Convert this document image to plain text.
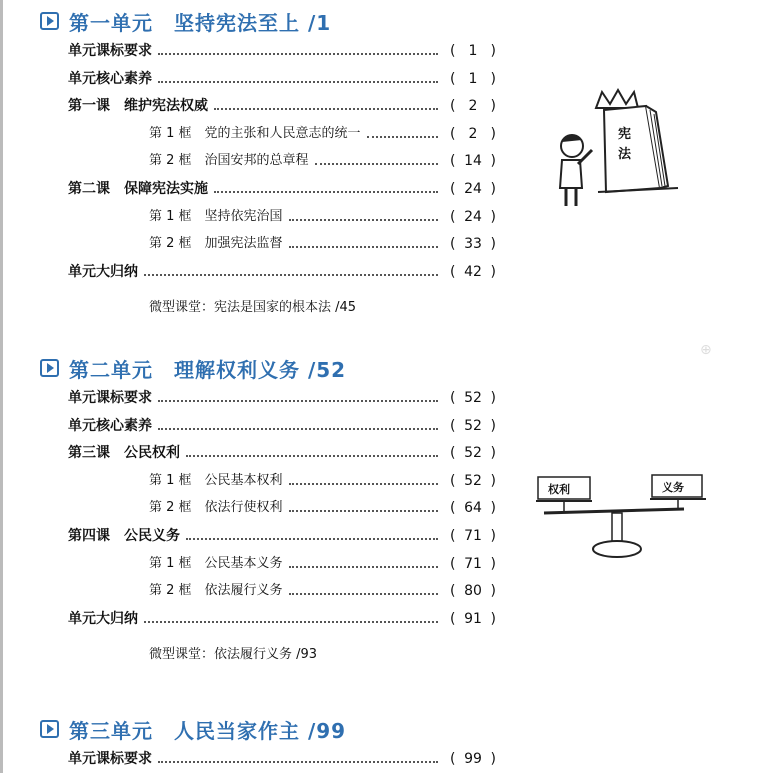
第一单元　坚持宪法至上 /1
单元课标要求	( 1 )
单元核心素养	( 1 )
第一课　维护宪法权威	( 2 )
第 1 框　党的主张和人民意志的统一	( 2 )
第 2 框　治国安邦的总章程	( 14 )
第二课　保障宪法实施	( 24 )
第 1 框　坚持依宪治国	( 24 )
第 2 框　加强宪法监督	( 33 )
单元大归纳	( 42 )
微型课堂：宪法是国家的根本法 /45
第二单元　理解权利义务 /52
单元课标要求	( 52 )
单元核心素养	( 52 )
第三课　公民权利	( 52 )
第 1 框　公民基本权利	( 52 )
第 2 框　依法行使权利	( 64 )
第四课　公民义务	( 71 )
第 1 框　公民基本义务	( 71 )
第 2 框　依法履行义务	( 80 )
单元大归纳	( 91 )
微型课堂：依法履行义务 /93
第三单元　人民当家作主 /99
单元课标要求	( 99 )
宪
法
权利	义务
⊕
